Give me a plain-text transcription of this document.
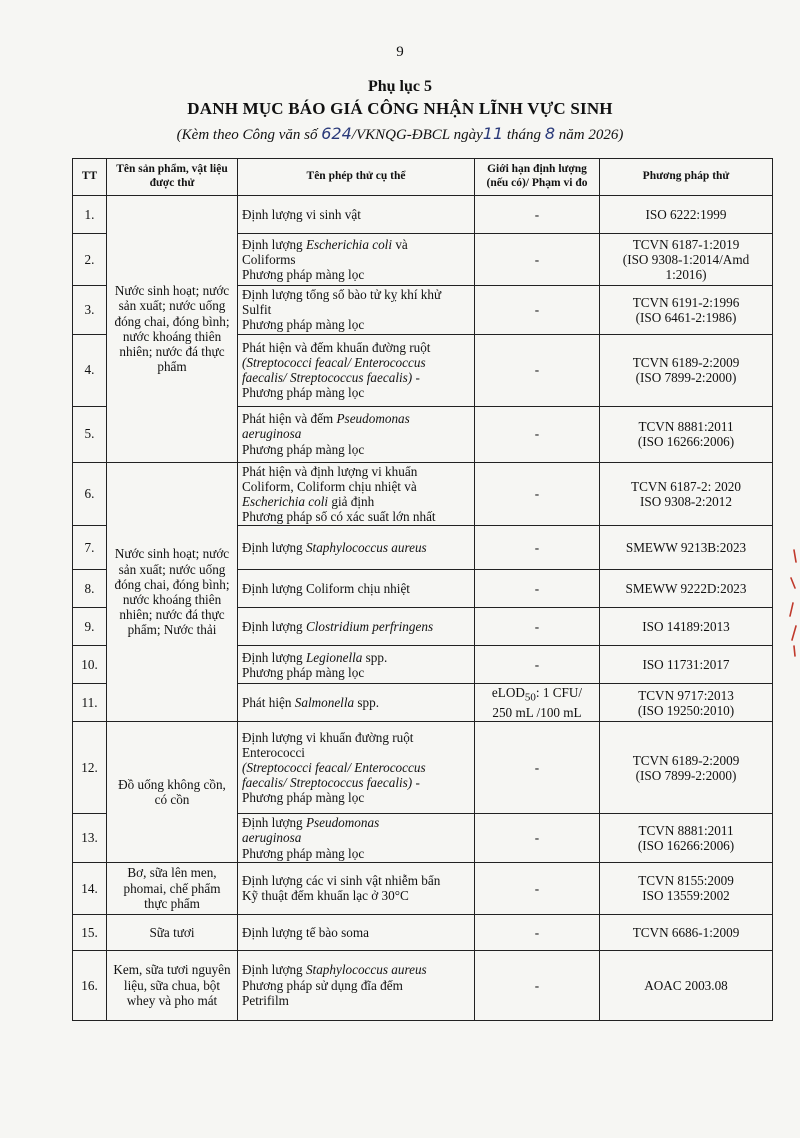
9
Phụ lục 5
DANH MỤC BÁO GIÁ CÔNG NHẬN LĨNH VỰC SINH
(Kèm theo Công văn số 624/VKNQG-ĐBCL ngày11 tháng 8 năm 2026)
TT	Tên sản phẩm, vật liệu được thử	Tên phép thử cụ thể	Giới hạn định lượng (nếu có)/ Phạm vi đo	Phương pháp thử
1.	Nước sinh hoạt; nước sản xuất; nước uống đóng chai, đóng bình; nước khoáng thiên nhiên; nước đá thực phẩm	Định lượng vi sinh vật	-	ISO 6222:1999
2.		Định lượng Escherichia coli và
Coliforms
Phương pháp màng lọc	-	TCVN 6187-1:2019
(ISO 9308-1:2014/Amd
1:2016)
3.		Định lượng tổng số bào tử kỵ khí khử
Sulfit
Phương pháp màng lọc	-	TCVN 6191-2:1996
(ISO 6461-2:1986)
4.		Phát hiện và đếm khuẩn đường ruột
(Streptococci feacal/ Enterococcus
faecalis/ Streptococcus faecalis) -
Phương pháp màng lọc	-	TCVN 6189-2:2009
(ISO 7899-2:2000)
5.		Phát hiện và đếm Pseudomonas
aeruginosa
Phương pháp màng lọc	-	TCVN 8881:2011
(ISO 16266:2006)
6.	Nước sinh hoạt; nước sản xuất; nước uống đóng chai, đóng bình; nước khoáng thiên nhiên; nước đá thực phẩm; Nước thải	Phát hiện và định lượng vi khuẩn
Coliform, Coliform chịu nhiệt và
Escherichia coli giả định
Phương pháp số có xác suất lớn nhất	-	TCVN 6187-2: 2020
ISO 9308-2:2012
7.		Định lượng Staphylococcus aureus	-	SMEWW 9213B:2023
8.		Định lượng Coliform chịu nhiệt	-	SMEWW 9222D:2023
9.		Định lượng Clostridium perfringens	-	ISO 14189:2013
10.		Định lượng Legionella spp.
Phương pháp màng lọc	-	ISO 11731:2017
11.		Phát hiện Salmonella spp.	eLOD$_{50}$: 1 CFU/
250 mL /100 mL	TCVN 9717:2013
(ISO 19250:2010)
12.	Đồ uống không cồn, có cồn	Định lượng vi khuẩn đường ruột
Enterococci
(Streptococci feacal/ Enterococcus
faecalis/ Streptococcus faecalis) -
Phương pháp màng lọc	-	TCVN 6189-2:2009
(ISO 7899-2:2000)
13.		Định lượng Pseudomonas
aeruginosa
Phương pháp màng lọc	-	TCVN 8881:2011
(ISO 16266:2006)
14.	Bơ, sữa lên men, phomai, chế phẩm thực phẩm	Định lượng các vi sinh vật nhiễm bẩn
Kỹ thuật đếm khuẩn lạc ở 30°C	-	TCVN 8155:2009
ISO 13559:2002
15.	Sữa tươi	Định lượng tế bào soma	-	TCVN 6686-1:2009
16.	Kem, sữa tươi nguyên liệu, sữa chua, bột whey và pho mát	Định lượng Staphylococcus aureus
Phương pháp sử dụng đĩa đếm
Petrifilm	-	AOAC 2003.08
